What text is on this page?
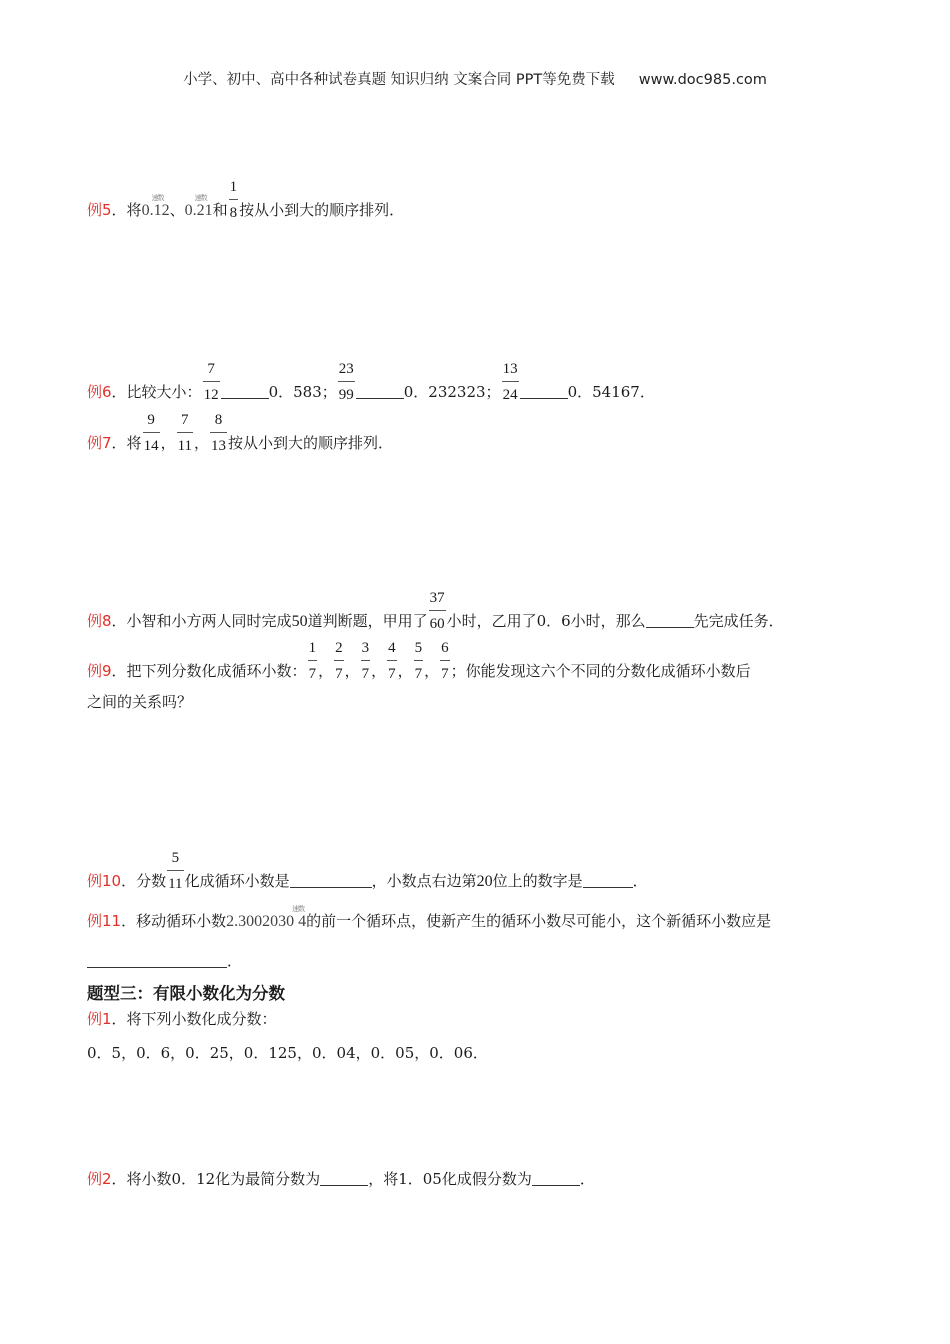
小学、初中、高中各种试卷真题 知识归纳 文案合同 PPT等免费下载 www.doc985.com
例5．将
速数
0.12、
速数
0.21和 $\frac{1}{8}$ 按从小到大的顺序排列．
例6．比较大小： $\frac{7}{12}$	0．583； $\frac{23}{99}$	0．232323； $\frac{13}{24}$	0．54167．
例7．将 $\frac{9}{14}$ ， $\frac{7}{11}$ ， $\frac{8}{13}$ 按从小到大的顺序排列．
例8．小智和小方两人同时完成50道判断题，甲用了 $\frac{37}{60}$ 小时，乙用了0．6小时，那么	先完成任务．
例9．把下列分数化成循环小数： $\frac{1}{7}$ ， $\frac{2}{7}$ ， $\frac{3}{7}$ ， $\frac{4}{7}$ ， $\frac{5}{7}$ ， $\frac{6}{7}$ ；你能发现这六个不同的分数化成循环小数后
之间的关系吗？
例10．分数 $\frac{5}{11}$ 化成循环小数是	，小数点右边第20位上的数字是	．
例11．移动循环小数
速数
2.3002030 4的前一个循环点，使新产生的循环小数尽可能小，这个新循环小数应是
．
题型三：有限小数化为分数
例1．将下列小数化成分数：
0．5，0．6，0．25，0．125，0．04，0．05，0．06．
例2．将小数0．12化为最简分数为	，将1．05化成假分数为	．
